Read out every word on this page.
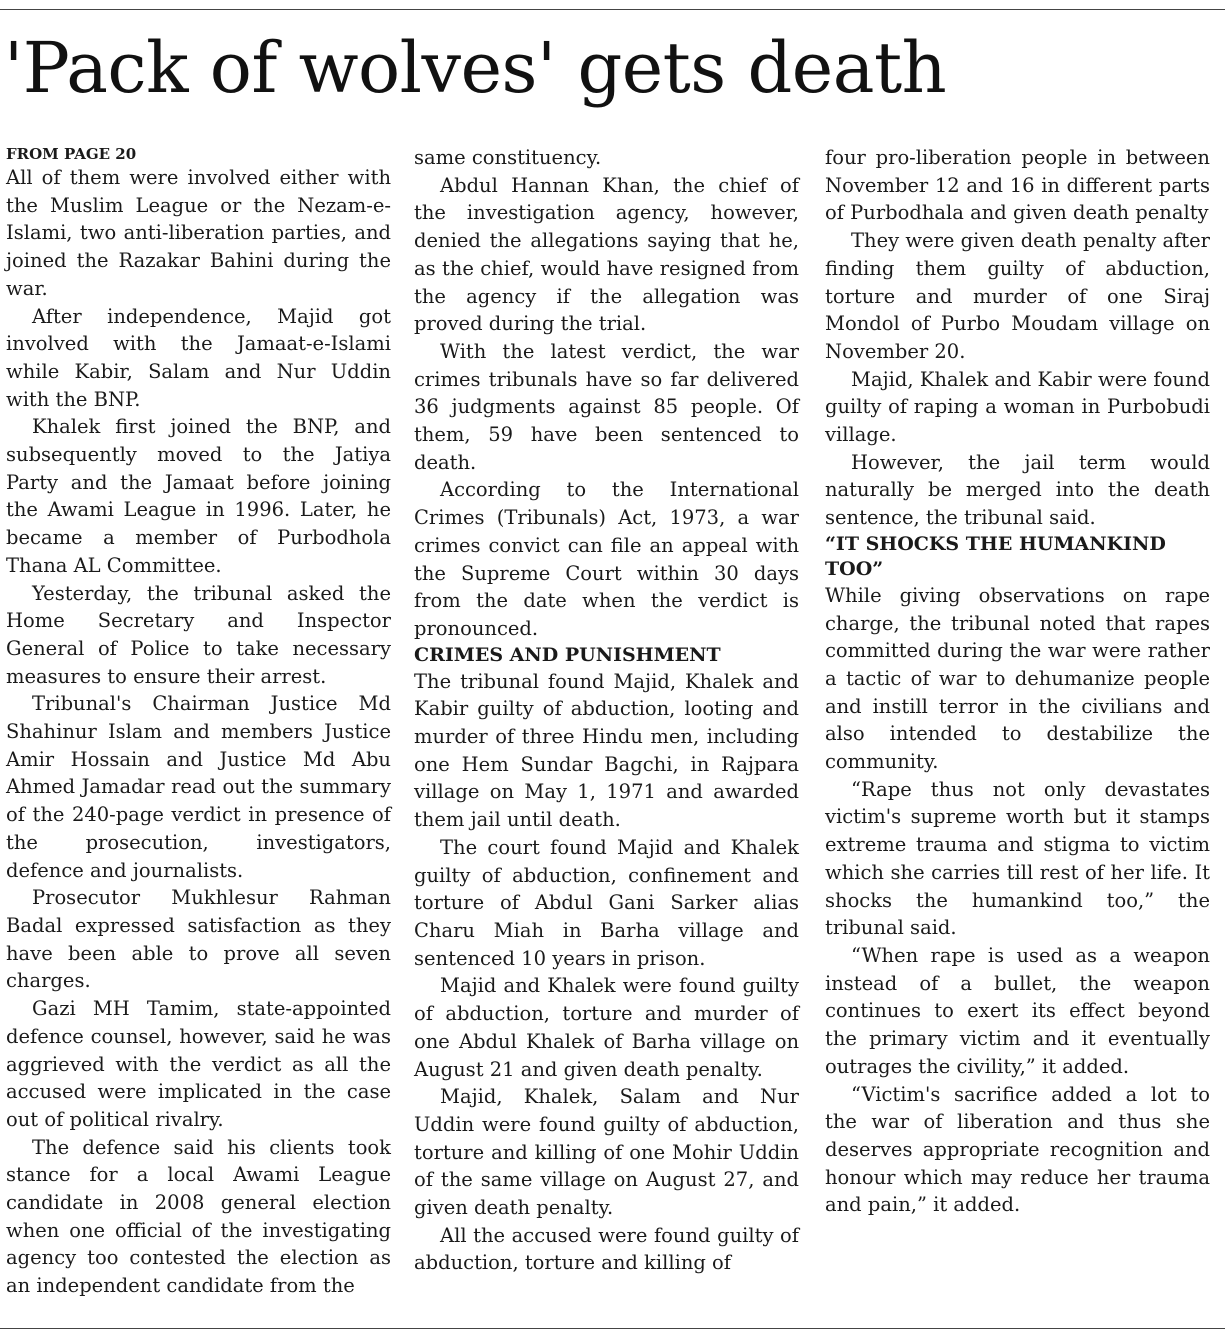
'Pack of wolves' gets death
FROM PAGE 20

All of them were involved either with the Muslim League or the Nezam-e-Islami, two anti-liberation parties, and joined the Razakar Bahini during the war.

After independence, Majid got involved with the Jamaat-e-Islami while Kabir, Salam and Nur Uddin with the BNP.

Khalek first joined the BNP, and subsequently moved to the Jatiya Party and the Jamaat before joining the Awami League in 1996. Later, he became a member of Purbodhola Thana AL Committee.

Yesterday, the tribunal asked the Home Secretary and Inspector General of Police to take necessary measures to ensure their arrest.

Tribunal's Chairman Justice Md Shahinur Islam and members Justice Amir Hossain and Justice Md Abu Ahmed Jamadar read out the summary of the 240-page verdict in presence of the prosecution, investigators, defence and journalists.

Prosecutor Mukhlesur Rahman Badal expressed satisfaction as they have been able to prove all seven charges.

Gazi MH Tamim, state-appointed defence counsel, however, said he was aggrieved with the verdict as all the accused were implicated in the case out of political rivalry.

The defence said his clients took stance for a local Awami League candidate in 2008 general election when one official of the investigating agency too contested the election as an independent candidate from the

same constituency.

Abdul Hannan Khan, the chief of the investigation agency, however, denied the allegations saying that he, as the chief, would have resigned from the agency if the allegation was proved during the trial.

With the latest verdict, the war crimes tribunals have so far delivered 36 judgments against 85 people. Of them, 59 have been sentenced to death.

According to the International Crimes (Tribunals) Act, 1973, a war crimes convict can file an appeal with the Supreme Court within 30 days from the date when the verdict is pronounced.

CRIMES AND PUNISHMENT

The tribunal found Majid, Khalek and Kabir guilty of abduction, looting and murder of three Hindu men, including one Hem Sundar Bagchi, in Rajpara village on May 1, 1971 and awarded them jail until death.

The court found Majid and Khalek guilty of abduction, confinement and torture of Abdul Gani Sarker alias Charu Miah in Barha village and sentenced 10 years in prison.

Majid and Khalek were found guilty of abduction, torture and murder of one Abdul Khalek of Barha village on August 21 and given death penalty.

Majid, Khalek, Salam and Nur Uddin were found guilty of abduction, torture and killing of one Mohir Uddin of the same village on August 27, and given death penalty.

All the accused were found guilty of abduction, torture and killing of

four pro-liberation people in between November 12 and 16 in different parts of Purbodhala and given death penalty

They were given death penalty after finding them guilty of abduction, torture and murder of one Siraj Mondol of Purbo Moudam village on November 20.

Majid, Khalek and Kabir were found guilty of raping a woman in Purbobudi village.

However, the jail term would naturally be merged into the death sentence, the tribunal said.

“IT SHOCKS THE HUMANKIND TOO”

While giving observations on rape charge, the tribunal noted that rapes committed during the war were rather a tactic of war to dehumanize people and instill terror in the civilians and also intended to destabilize the community.

“Rape thus not only devastates victim's supreme worth but it stamps extreme trauma and stigma to victim which she carries till rest of her life. It shocks the humankind too,” the tribunal said.

“When rape is used as a weapon instead of a bullet, the weapon continues to exert its effect beyond the primary victim and it eventually outrages the civility,” it added.

“Victim's sacrifice added a lot to the war of liberation and thus she deserves appropriate recognition and honour which may reduce her trauma and pain,” it added.
